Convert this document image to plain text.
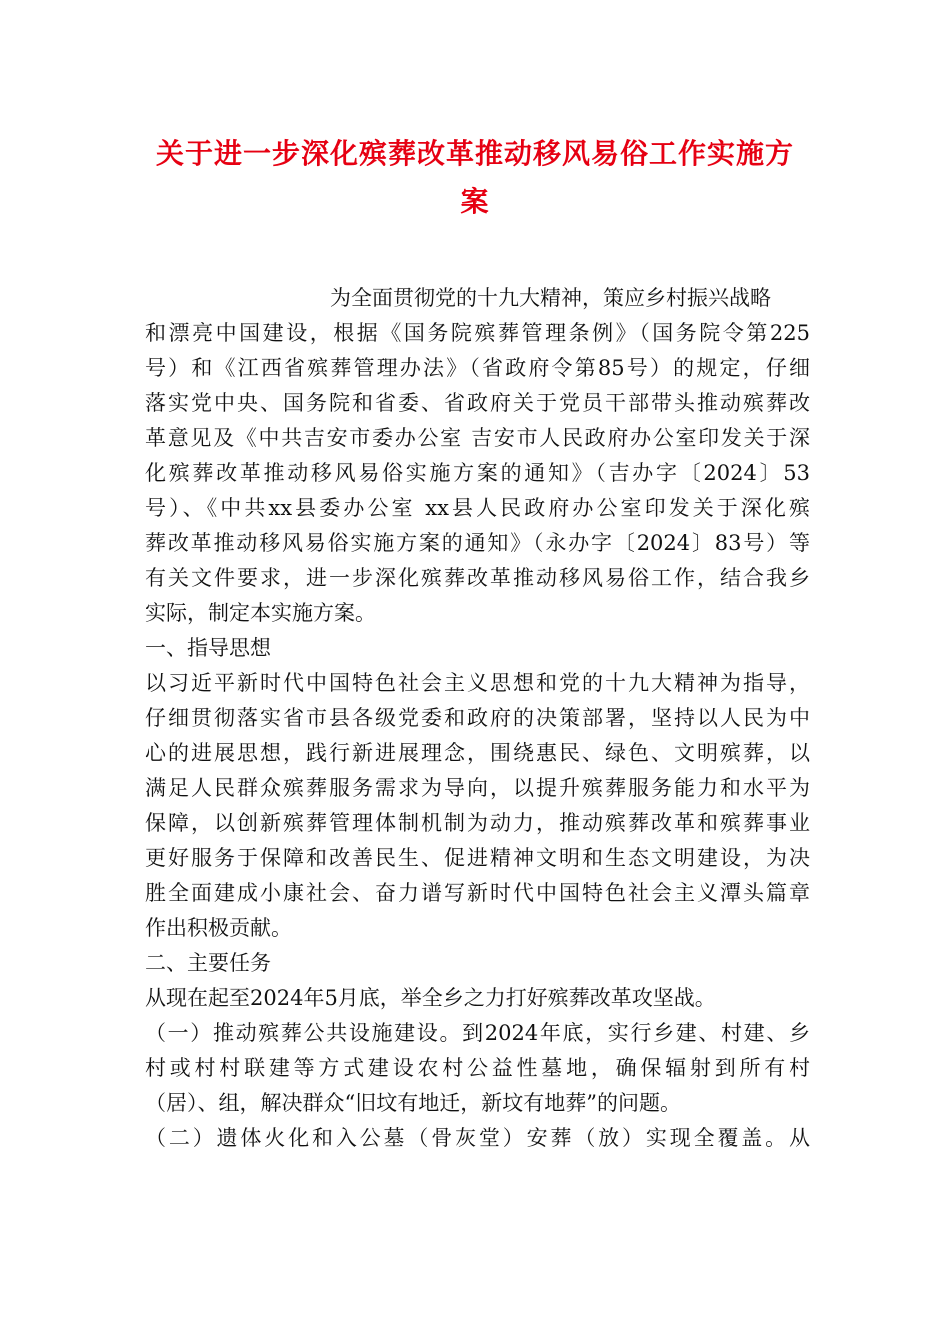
关于进一步深化殡葬改革推动移风易俗工作实施方
案
为全面贯彻党的十九大精神，策应乡村振兴战略
和漂亮中国建设，根据《国务院殡葬管理条例》（国务院令第225
号）和《江西省殡葬管理办法》（省政府令第85号）的规定，仔细
落实党中央、国务院和省委、省政府关于党员干部带头推动殡葬改
革意见及《中共吉安市委办公室 吉安市人民政府办公室印发关于深
化殡葬改革推动移风易俗实施方案的通知》（吉办字〔2024〕53
号）、《中共xx县委办公室 xx县人民政府办公室印发关于深化殡
葬改革推动移风易俗实施方案的通知》（永办字〔2024〕83号）等
有关文件要求，进一步深化殡葬改革推动移风易俗工作，结合我乡
实际，制定本实施方案。
一、指导思想
以习近平新时代中国特色社会主义思想和党的十九大精神为指导，
仔细贯彻落实省市县各级党委和政府的决策部署，坚持以人民为中
心的进展思想，践行新进展理念，围绕惠民、绿色、文明殡葬，以
满足人民群众殡葬服务需求为导向，以提升殡葬服务能力和水平为
保障，以创新殡葬管理体制机制为动力，推动殡葬改革和殡葬事业
更好服务于保障和改善民生、促进精神文明和生态文明建设，为决
胜全面建成小康社会、奋力谱写新时代中国特色社会主义潭头篇章
作出积极贡献。
二、主要任务
从现在起至2024年5月底，举全乡之力打好殡葬改革攻坚战。
（一）推动殡葬公共设施建设。到2024年底，实行乡建、村建、乡
村或村村联建等方式建设农村公益性墓地，确保辐射到所有村
（居）、组，解决群众“旧坟有地迁，新坟有地葬”的问题。
（二）遗体火化和入公墓（骨灰堂）安葬（放）实现全覆盖。从
